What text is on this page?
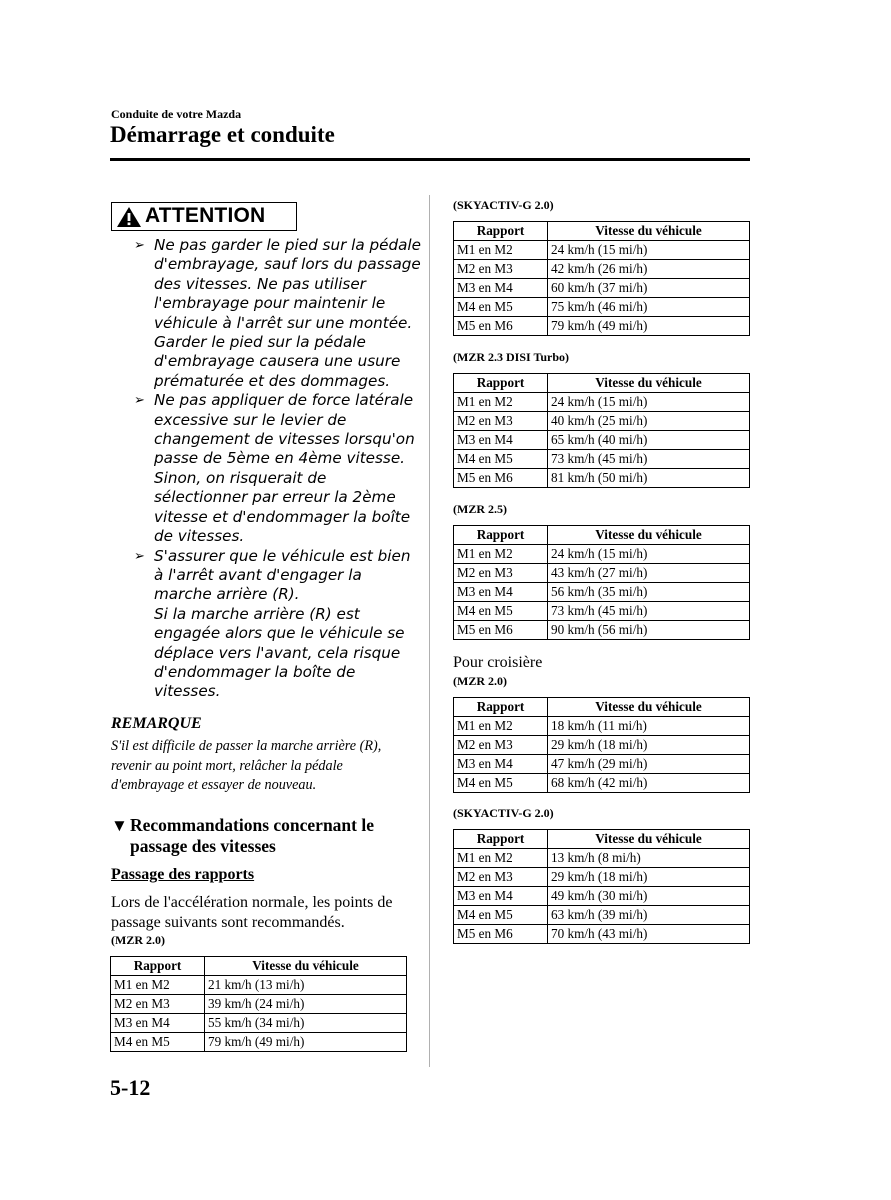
Conduite de votre Mazda
Démarrage et conduite
ATTENTION
➢ Ne pas garder le pied sur la pédale d'embrayage, sauf lors du passage des vitesses. Ne pas utiliser l'embrayage pour maintenir le véhicule à l'arrêt sur une montée. Garder le pied sur la pédale d'embrayage causera une usure prématurée et des dommages.
➢ Ne pas appliquer de force latérale excessive sur le levier de changement de vitesses lorsqu'on passe de 5ème en 4ème vitesse. Sinon, on risquerait de sélectionner par erreur la 2ème vitesse et d'endommager la boîte de vitesses.
➢ S'assurer que le véhicule est bien à l'arrêt avant d'engager la marche arrière (R).
Si la marche arrière (R) est engagée alors que le véhicule se déplace vers l'avant, cela risque d'endommager la boîte de vitesses.
REMARQUE
S'il est difficile de passer la marche arrière (R), revenir au point mort, relâcher la pédale d'embrayage et essayer de nouveau.
▼ Recommandations concernant le
passage des vitesses
Passage des rapports
Lors de l'accélération normale, les points de passage suivants sont recommandés.
(MZR 2.0)
Rapport	Vitesse du véhicule
M1 en M2	21 km/h (13 mi/h)
M2 en M3	39 km/h (24 mi/h)
M3 en M4	55 km/h (34 mi/h)
M4 en M5	79 km/h (49 mi/h)
(SKYACTIV-G 2.0)
Rapport	Vitesse du véhicule
M1 en M2	24 km/h (15 mi/h)
M2 en M3	42 km/h (26 mi/h)
M3 en M4	60 km/h (37 mi/h)
M4 en M5	75 km/h (46 mi/h)
M5 en M6	79 km/h (49 mi/h)
(MZR 2.3 DISI Turbo)
Rapport	Vitesse du véhicule
M1 en M2	24 km/h (15 mi/h)
M2 en M3	40 km/h (25 mi/h)
M3 en M4	65 km/h (40 mi/h)
M4 en M5	73 km/h (45 mi/h)
M5 en M6	81 km/h (50 mi/h)
(MZR 2.5)
Rapport	Vitesse du véhicule
M1 en M2	24 km/h (15 mi/h)
M2 en M3	43 km/h (27 mi/h)
M3 en M4	56 km/h (35 mi/h)
M4 en M5	73 km/h (45 mi/h)
M5 en M6	90 km/h (56 mi/h)
Pour croisière
(MZR 2.0)
Rapport	Vitesse du véhicule
M1 en M2	18 km/h (11 mi/h)
M2 en M3	29 km/h (18 mi/h)
M3 en M4	47 km/h (29 mi/h)
M4 en M5	68 km/h (42 mi/h)
(SKYACTIV-G 2.0)
Rapport	Vitesse du véhicule
M1 en M2	13 km/h (8 mi/h)
M2 en M3	29 km/h (18 mi/h)
M3 en M4	49 km/h (30 mi/h)
M4 en M5	63 km/h (39 mi/h)
M5 en M6	70 km/h (43 mi/h)
5-12
